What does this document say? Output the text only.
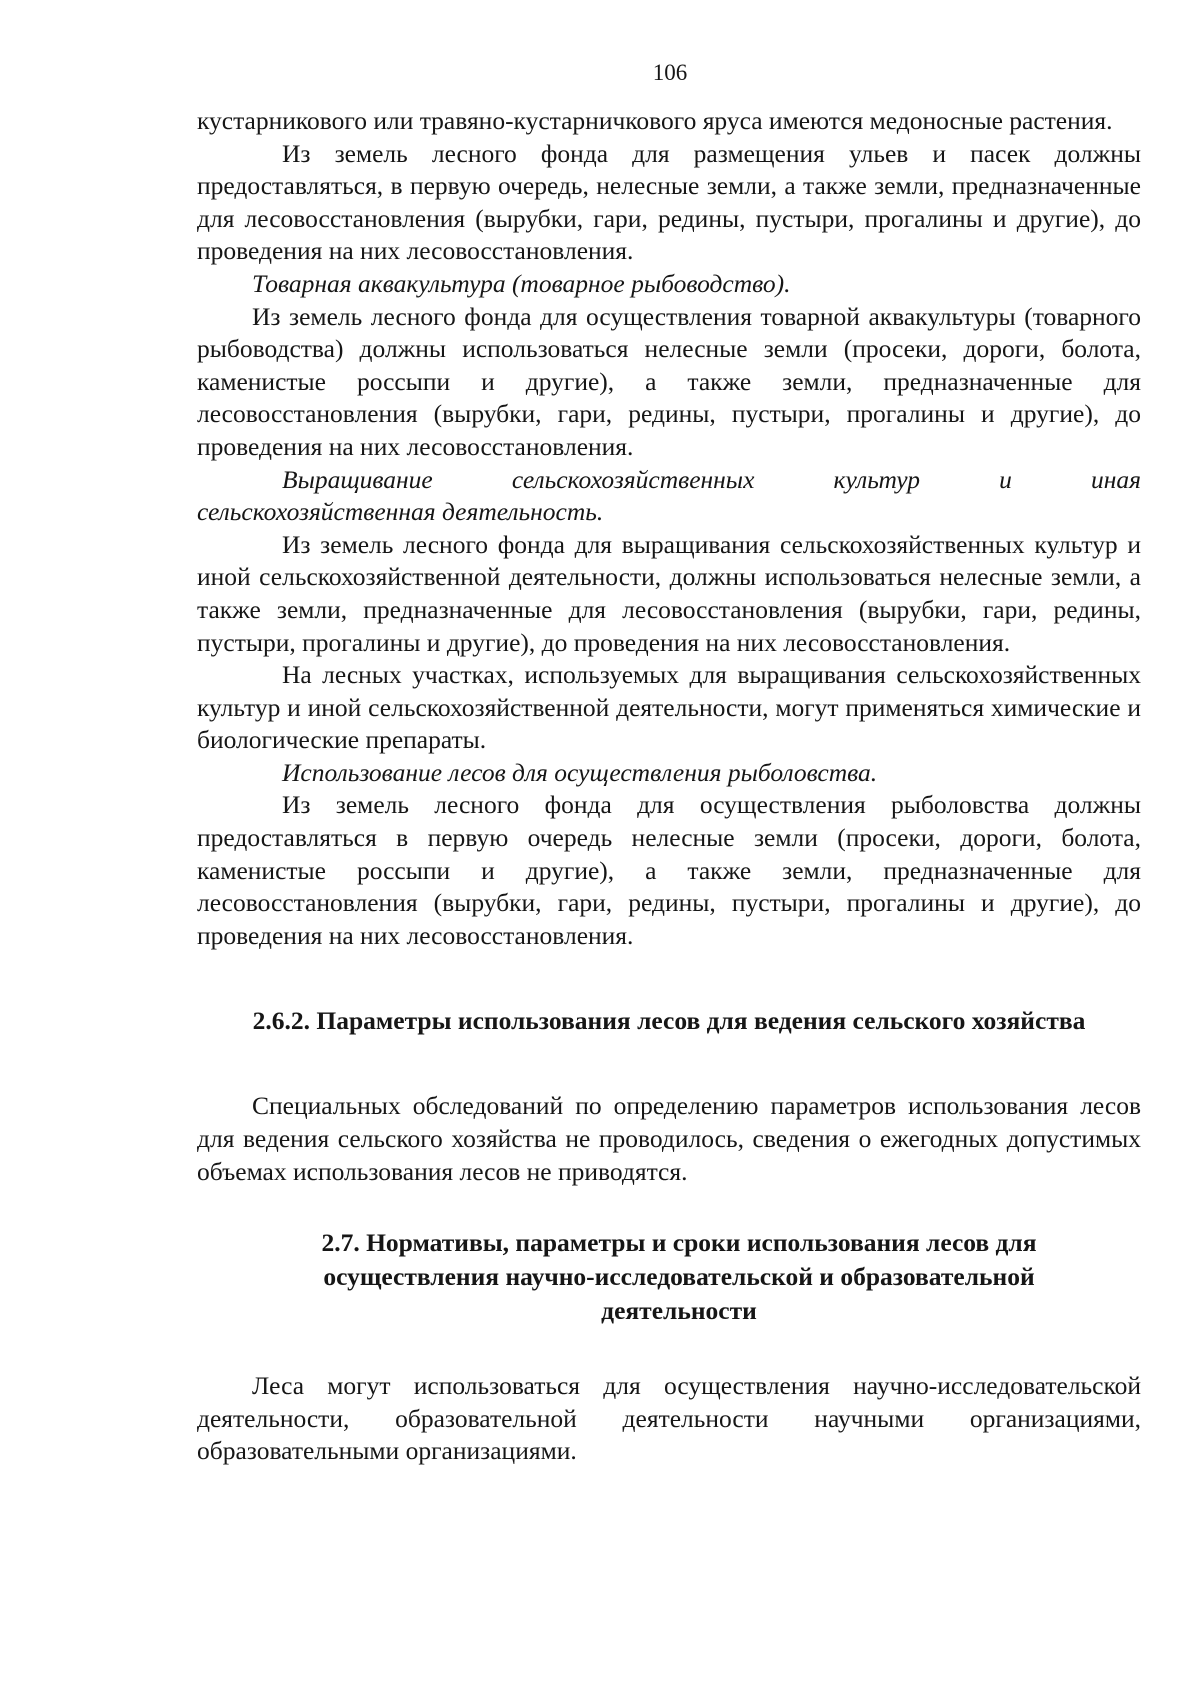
106

кустарникового или травяно-кустарничкового яруса имеются медоносные растения.

Из земель лесного фонда для размещения ульев и пасек должны предоставляться, в первую очередь, нелесные земли, а также земли, предназначенные для лесовосстановления (вырубки, гари, редины, пустыри, прогалины и другие), до проведения на них лесовосстановления.

Товарная аквакультура (товарное рыбоводство).

Из земель лесного фонда для осуществления товарной аквакультуры (товарного рыбоводства) должны использоваться нелесные земли (просеки, дороги, болота, каменистые россыпи и другие), а также земли, предназначенные для лесовосстановления (вырубки, гари, редины, пустыри, прогалины и другие), до проведения на них лесовосстановления.

Выращивание сельскохозяйственных культур и иная

сельскохозяйственная деятельность.

Из земель лесного фонда для выращивания сельскохозяйственных культур и иной сельскохозяйственной деятельности, должны использоваться нелесные земли, а также земли, предназначенные для лесовосстановления (вырубки, гари, редины, пустыри, прогалины и другие), до проведения на них лесовосстановления.

На лесных участках, используемых для выращивания сельскохозяйственных культур и иной сельскохозяйственной деятельности, могут применяться химические и биологические препараты.

Использование лесов для осуществления рыболовства.

Из земель лесного фонда для осуществления рыболовства должны предоставляться в первую очередь нелесные земли (просеки, дороги, болота, каменистые россыпи и другие), а также земли, предназначенные для лесовосстановления (вырубки, гари, редины, пустыри, прогалины и другие), до проведения на них лесовосстановления.

2.6.2. Параметры использования лесов для ведения сельского хозяйства

Специальных обследований по определению параметров использования лесов для ведения сельского хозяйства не проводилось, сведения о ежегодных допустимых объемах использования лесов не приводятся.

2.7. Нормативы, параметры и сроки использования лесов для
осуществления научно-исследовательской и образовательной
деятельности

Леса могут использоваться для осуществления научно-исследовательской деятельности, образовательной деятельности научными организациями, образовательными организациями.
